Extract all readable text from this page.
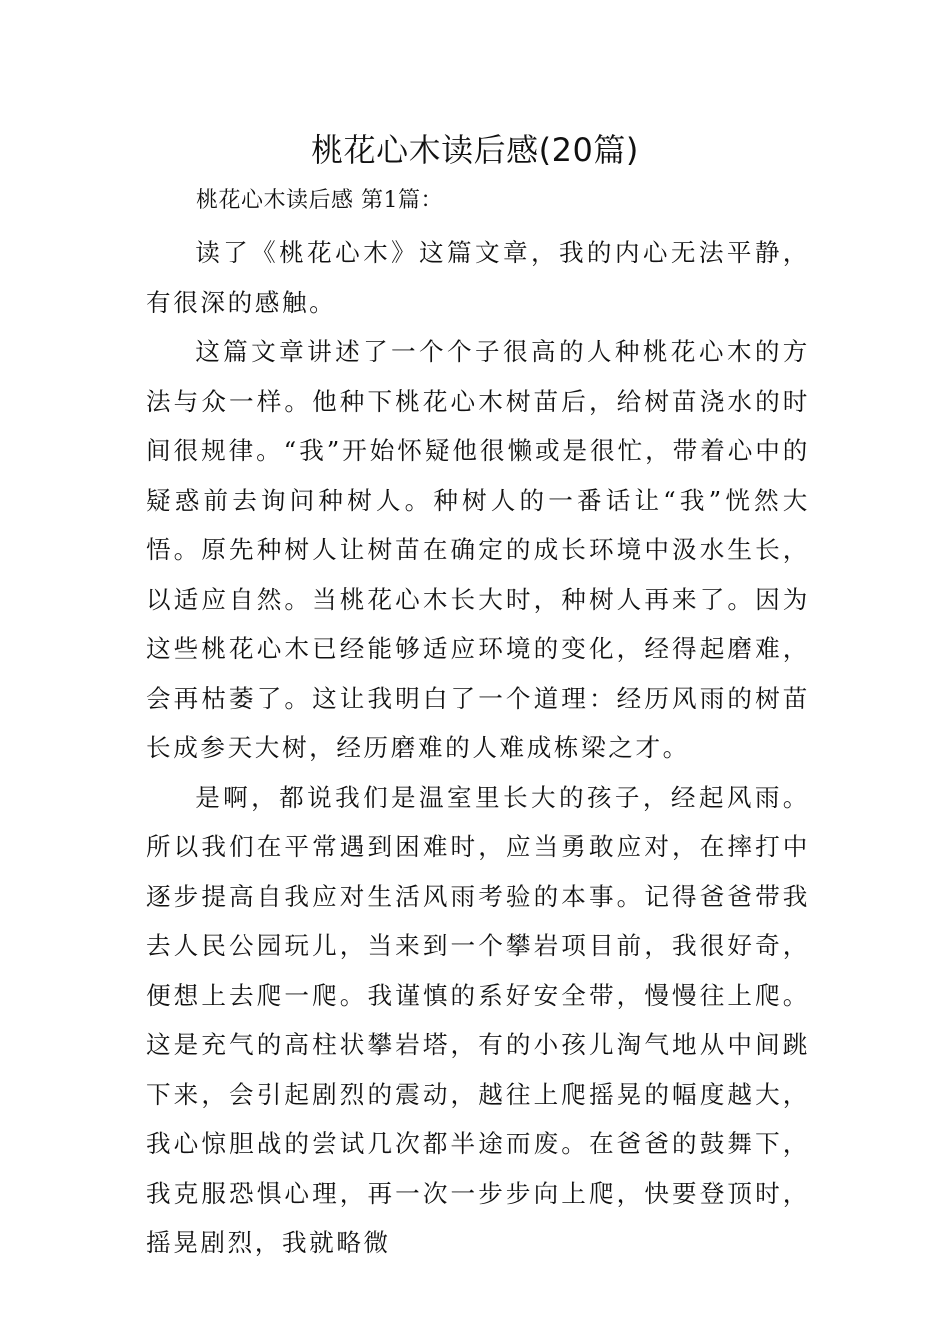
桃花心木读后感(20篇)

桃花心木读后感 第1篇：

读了《桃花心木》这篇文章，我的内心无法平静，有很深的感触。

这篇文章讲述了一个个子很高的人种桃花心木的方法与众一样。他种下桃花心木树苗后，给树苗浇水的时间很规律。“我”开始怀疑他很懒或是很忙，带着心中的疑惑前去询问种树人。种树人的一番话让“我”恍然大悟。原先种树人让树苗在确定的成长环境中汲水生长，以适应自然。当桃花心木长大时，种树人再来了。因为这些桃花心木已经能够适应环境的变化，经得起磨难，会再枯萎了。这让我明白了一个道理：经历风雨的树苗长成参天大树，经历磨难的人难成栋梁之才。

是啊，都说我们是温室里长大的孩子，经起风雨。所以我们在平常遇到困难时，应当勇敢应对，在摔打中逐步提高自我应对生活风雨考验的本事。记得爸爸带我去人民公园玩儿，当来到一个攀岩项目前，我很好奇，便想上去爬一爬。我谨慎的系好安全带，慢慢往上爬。这是充气的高柱状攀岩塔，有的小孩儿淘气地从中间跳下来，会引起剧烈的震动，越往上爬摇晃的幅度越大，我心惊胆战的尝试几次都半途而废。在爸爸的鼓舞下，我克服恐惧心理，再一次一步步向上爬，快要登顶时，摇晃剧烈，我就略微
